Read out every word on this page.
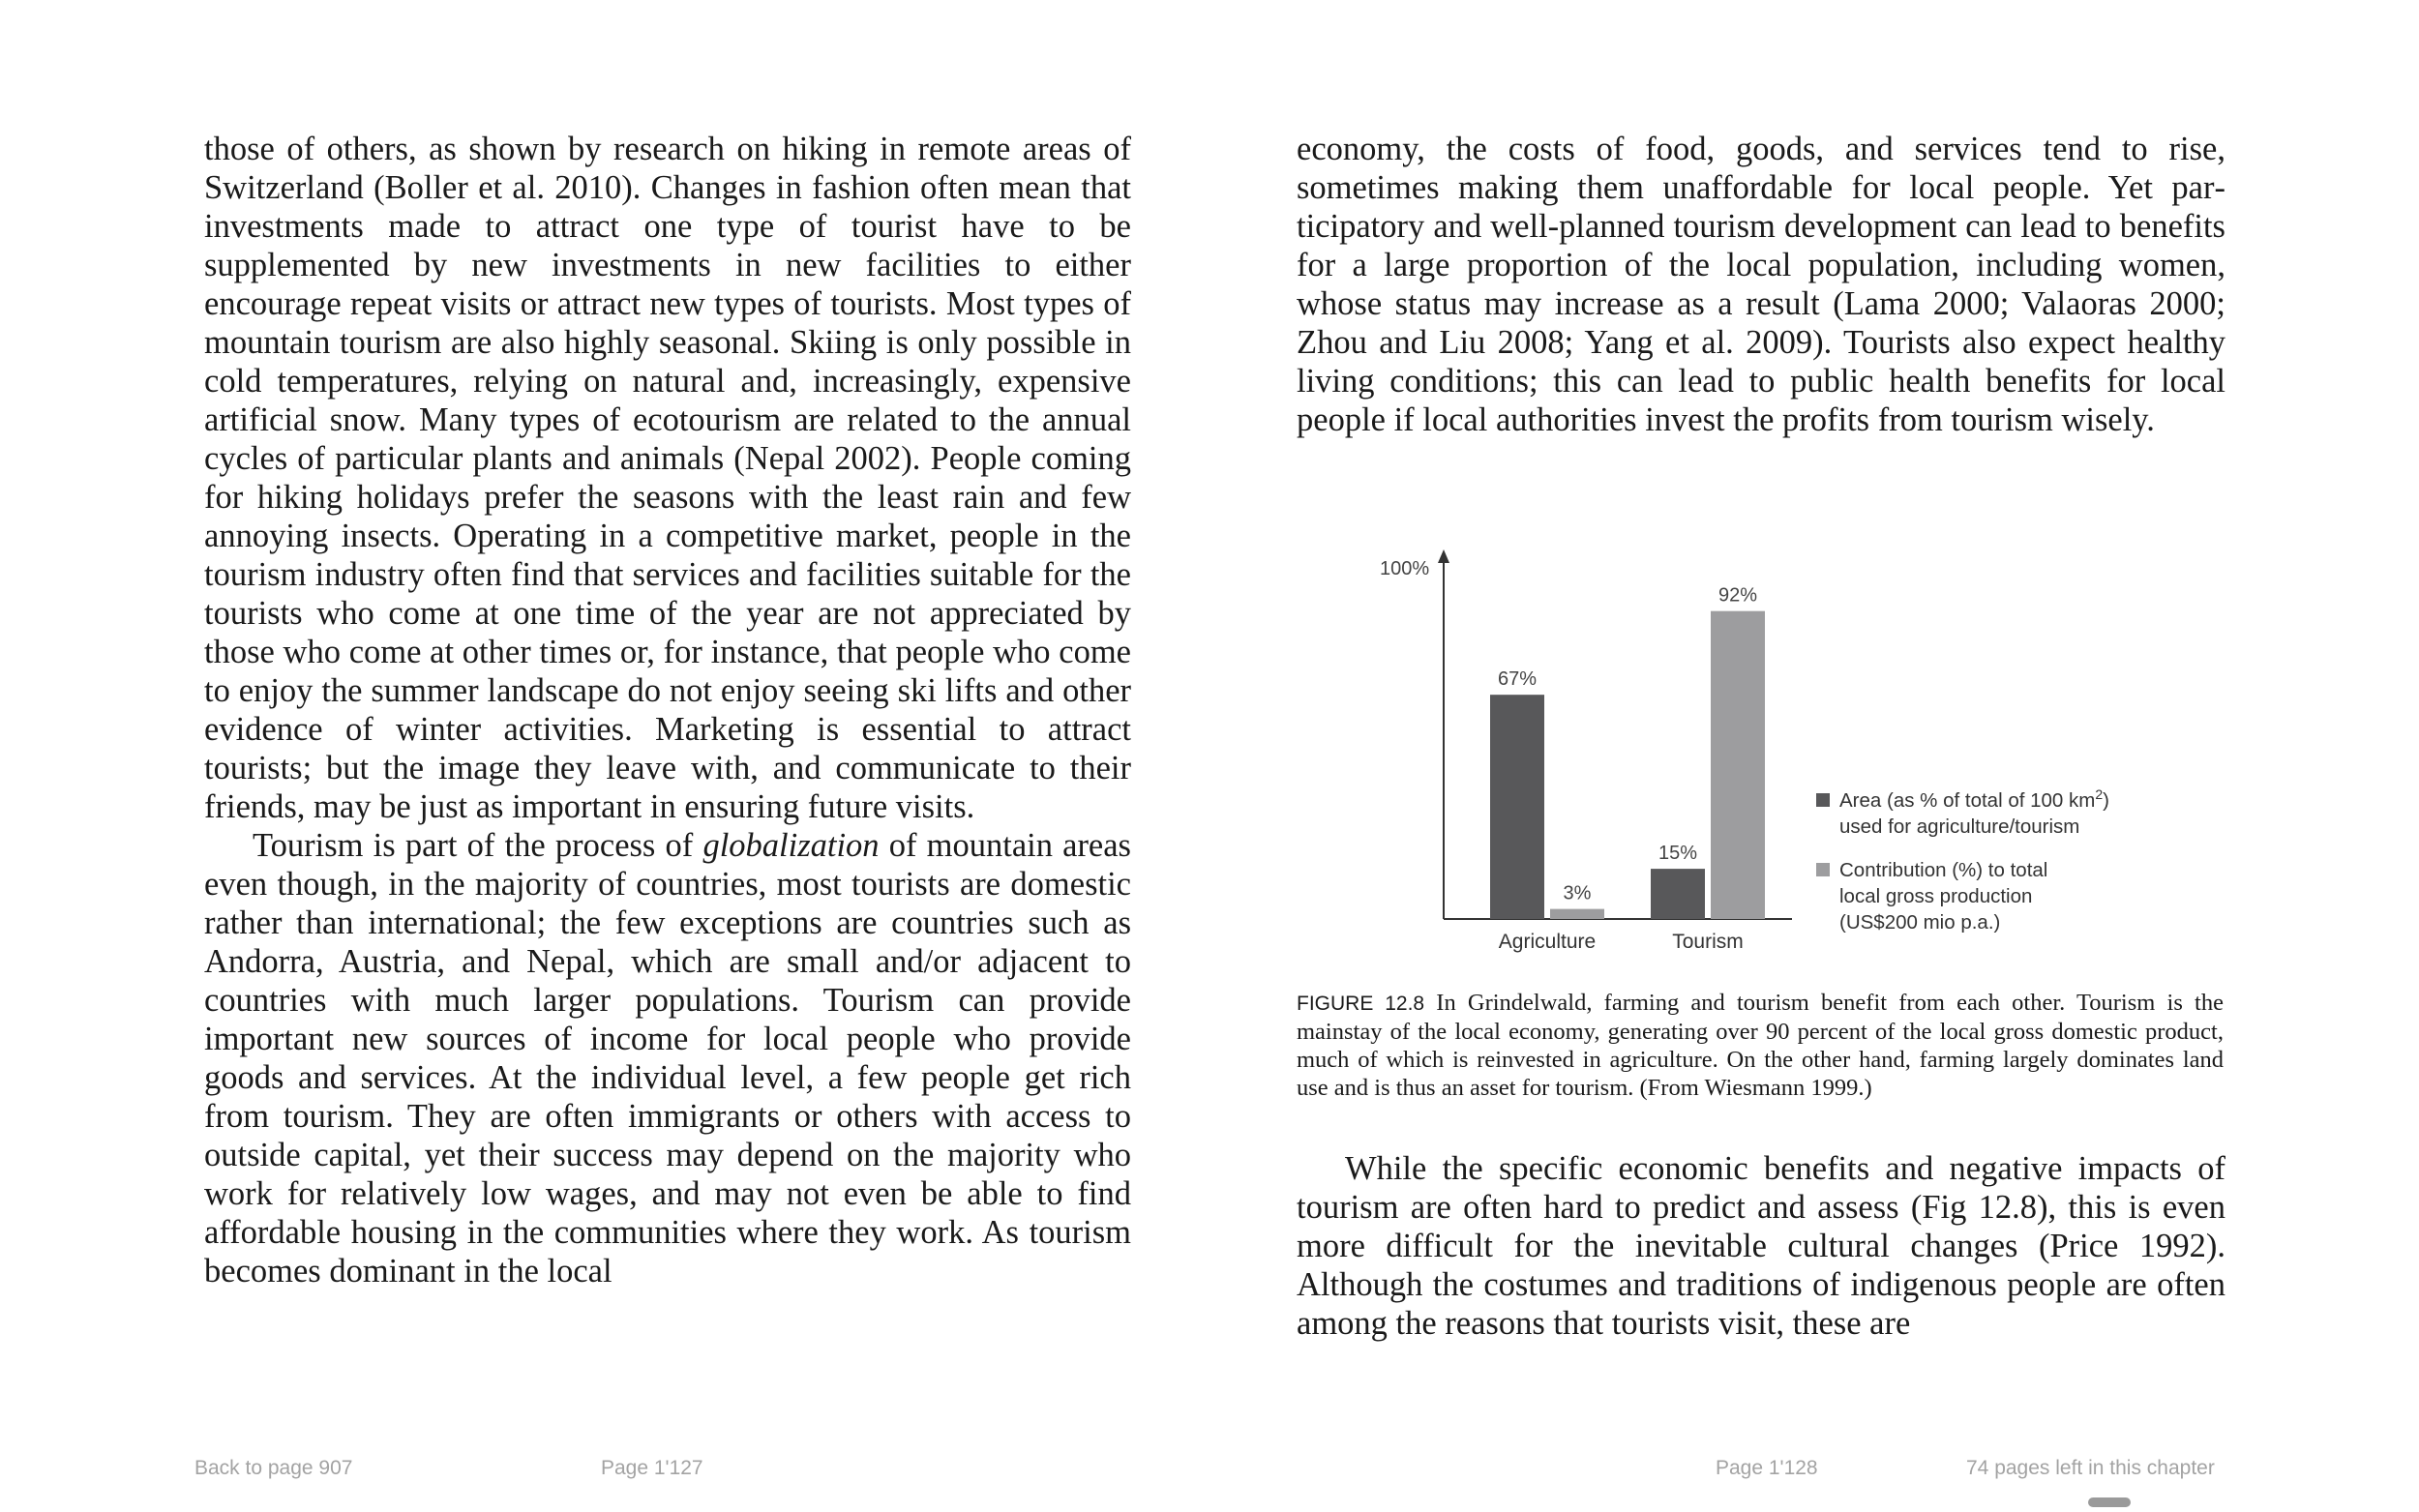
those of others, as shown by research on hiking in remote areas of Switzerland (Boller et al. 2010). Changes in fashion often mean that investments made to attract one type of tourist have to be supplemented by new investments in new facilities to either encourage repeat visits or attract new types of tourists. Most types of mountain tourism are also highly seasonal. Skiing is only possible in cold temperatures, relying on natural and, increasingly, expensive artificial snow. Many types of ecotourism are related to the annual cycles of particular plants and animals (Nepal 2002). People coming for hiking holidays prefer the seasons with the least rain and few annoying insects. Operating in a competitive market, people in the tourism industry often find that services and facilities suitable for the tourists who come at one time of the year are not appreciated by those who come at other times or, for instance, that people who come to enjoy the summer landscape do not enjoy seeing ski lifts and other evidence of winter activities. Marketing is essential to attract tourists; but the image they leave with, and communicate to their friends, may be just as important in ensuring future visits.

Tourism is part of the process of globalization of mountain areas even though, in the majority of countries, most tourists are domestic rather than international; the few exceptions are countries such as Andorra, Austria, and Nepal, which are small and/or adjacent to countries with much larger populations. Tourism can provide important new sources of income for local people who provide goods and services. At the individual level, a few people get rich from tourism. They are often immigrants or others with access to outside capital, yet their success may depend on the majority who work for relatively low wages, and may not even be able to find affordable housing in the communities where they work. As tourism becomes dominant in the local

economy, the costs of food, goods, and services tend to rise, sometimes making them unaffordable for local people. Yet participatory and well-planned tourism development can lead to benefits for a large proportion of the local population, including women, whose status may increase as a result (Lama 2000; Valaoras 2000; Zhou and Liu 2008; Yang et al. 2009). Tourists also expect healthy living conditions; this can lead to public health benefits for local people if local authorities invest the profits from tourism wisely.

100%
67%
3%
Agriculture
15%
92%
Tourism
Area (as % of total of 100 $km^2$)
used for agriculture/tourism
Contribution (%) to total
local gross production
(US$200 mio p.a.)
FIGURE 12.8 In Grindelwald, farming and tourism benefit from each other. Tourism is the mainstay of the local economy, generating over 90 percent of the local gross domestic product, much of which is reinvested in agriculture. On the other hand, farming largely dominates land use and is thus an asset for tourism. (From Wiesmann 1999.)

While the specific economic benefits and negative impacts of tourism are often hard to predict and assess (Fig 12.8), this is even more difficult for the inevitable cultural changes (Price 1992). Although the costumes and traditions of indigenous people are often among the reasons that tourists visit, these are

Back to page 907	Page 1'127	Page 1'128	74 pages left in this chapter
